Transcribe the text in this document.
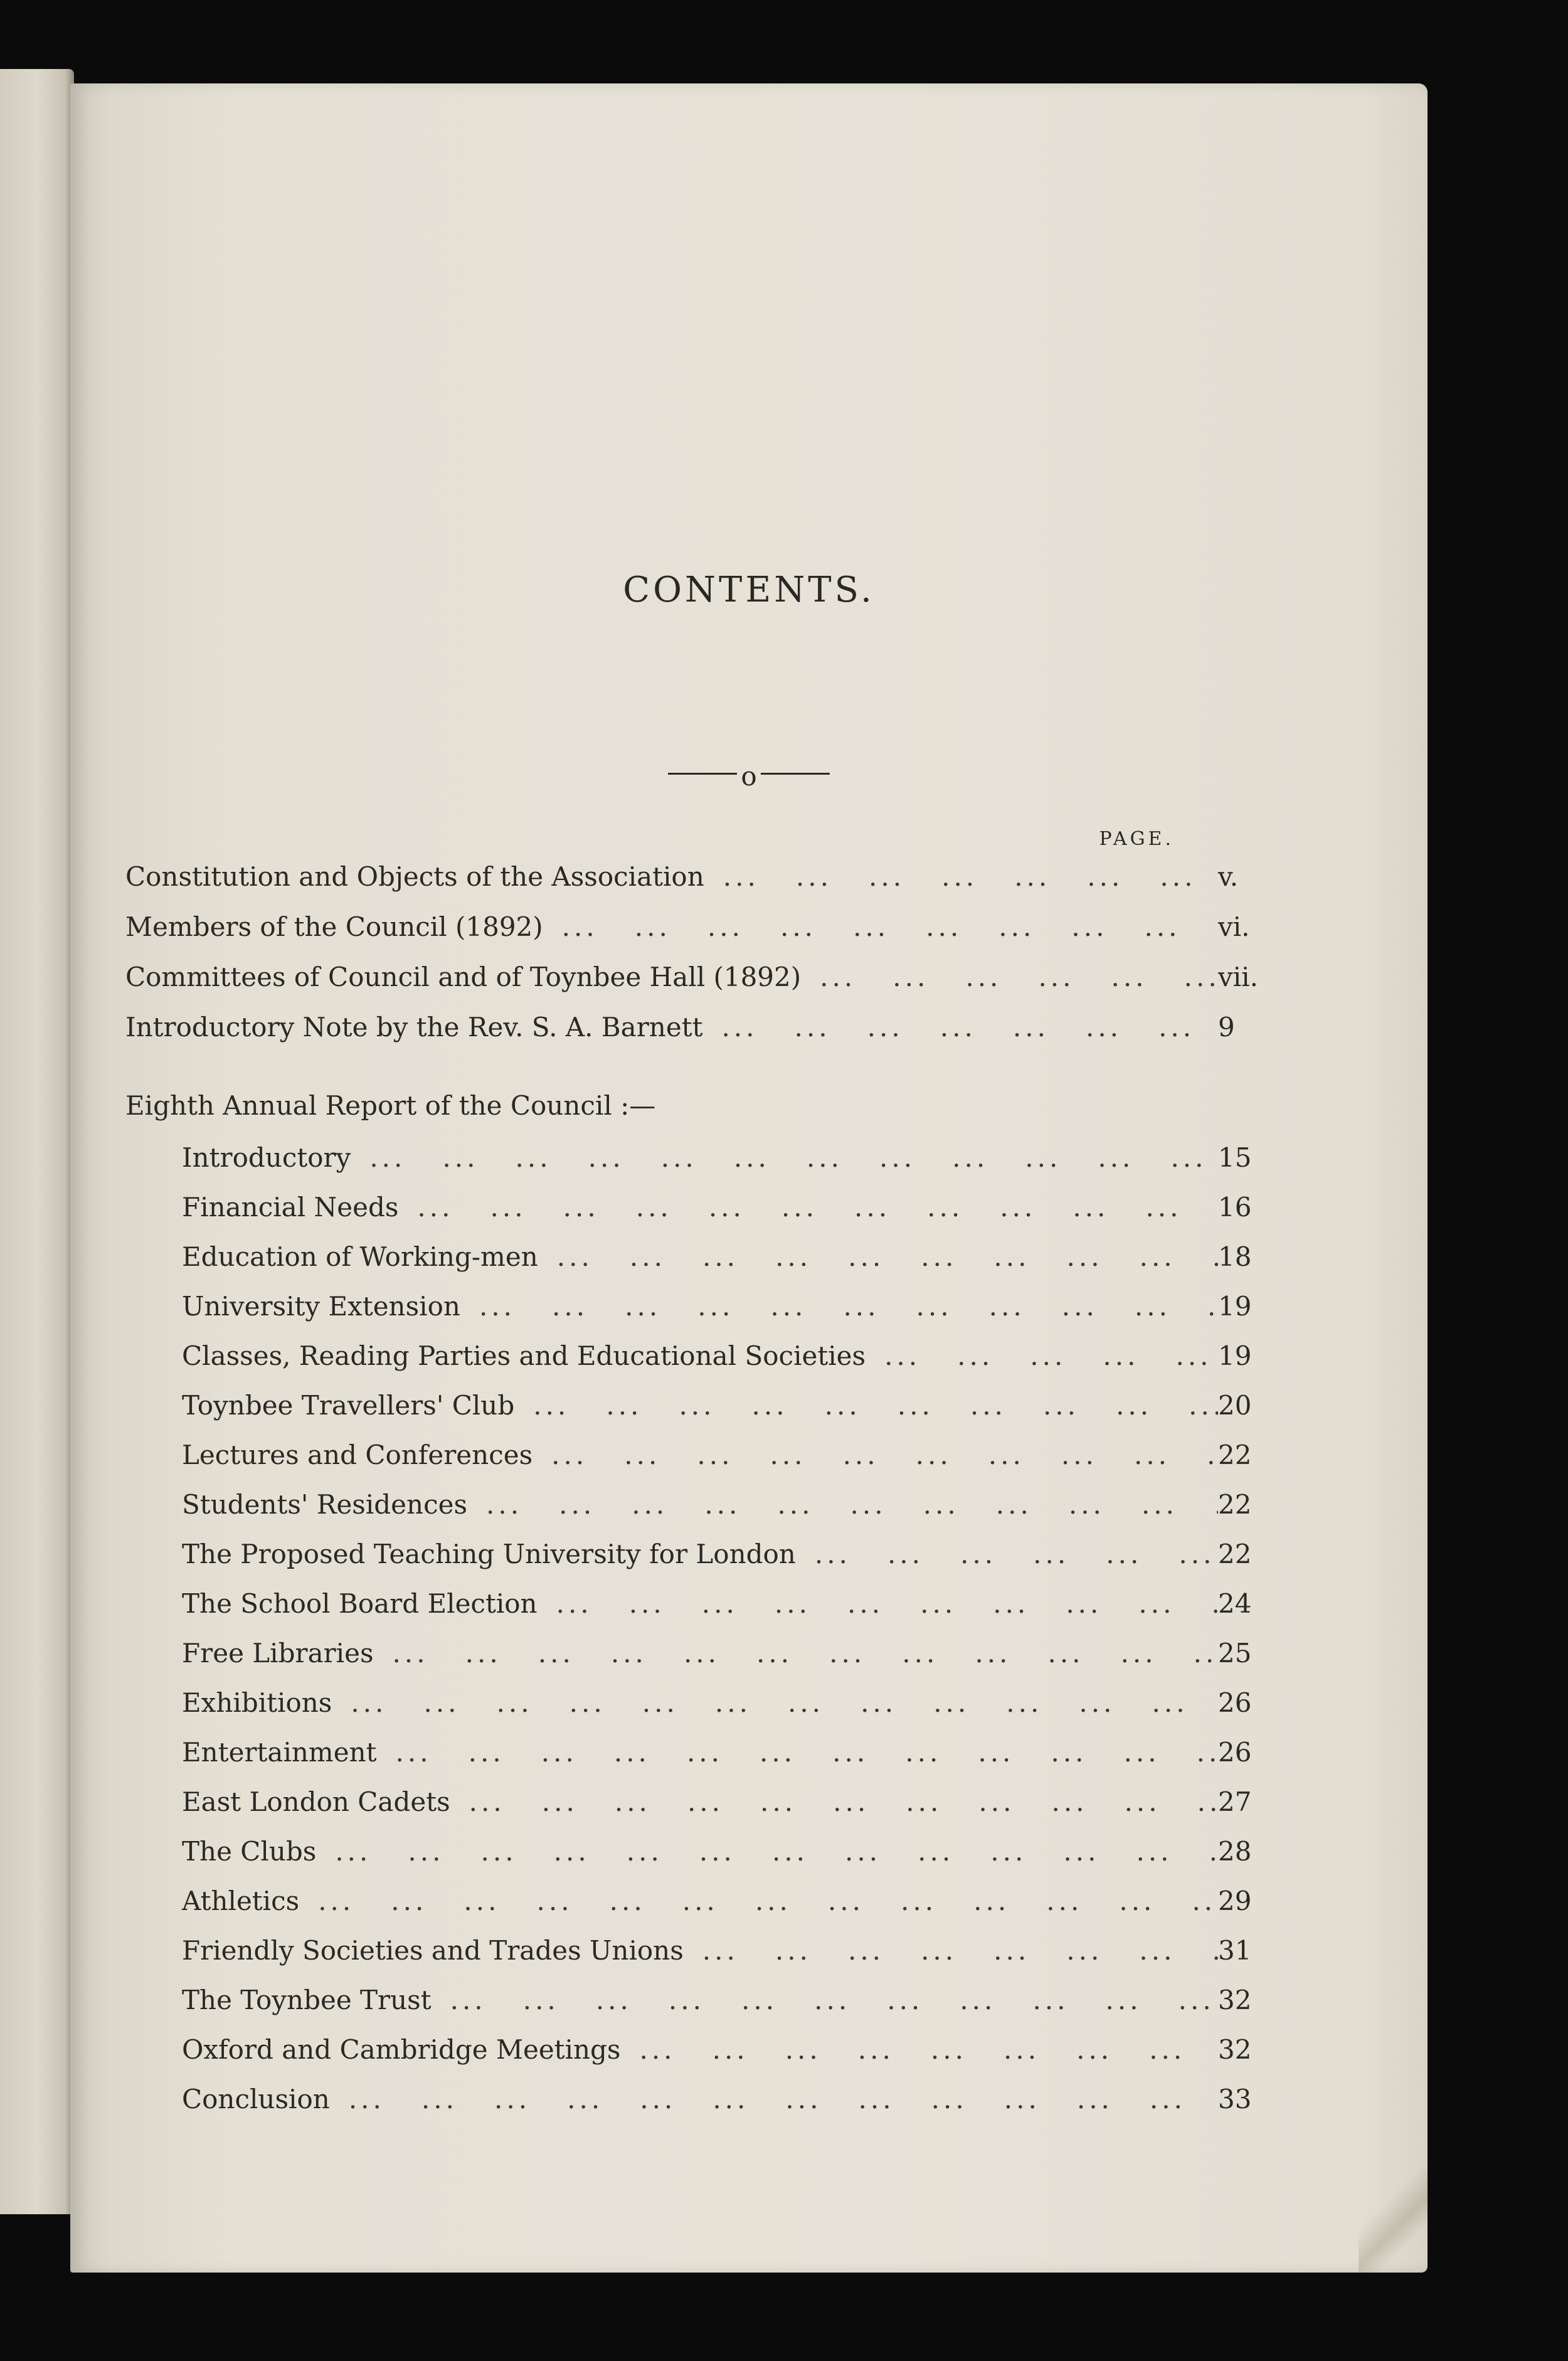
CONTENTS.
o
PAGE.
Constitution and Objects of the Association ...	v.
Members of the Council (1892) ...	vi.
Committees of Council and of Toynbee Hall (1892) ...	vii.
Introductory Note by the Rev. S. A. Barnett ...	9
Eighth Annual Report of the Council :—
Introductory ...	15
Financial Needs ...	16
Education of Working-men ...	18
University Extension ...	19
Classes, Reading Parties and Educational Societies ...	19
Toynbee Travellers' Club ...	20
Lectures and Conferences ...	22
Students' Residences ...	22
The Proposed Teaching University for London ...	22
The School Board Election ...	24
Free Libraries ...	25
Exhibitions ...	26
Entertainment ...	26
East London Cadets ...	27
The Clubs ...	28
Athletics ...	29
Friendly Societies and Trades Unions ...	31
The Toynbee Trust ...	32
Oxford and Cambridge Meetings ...	32
Conclusion ...	33
